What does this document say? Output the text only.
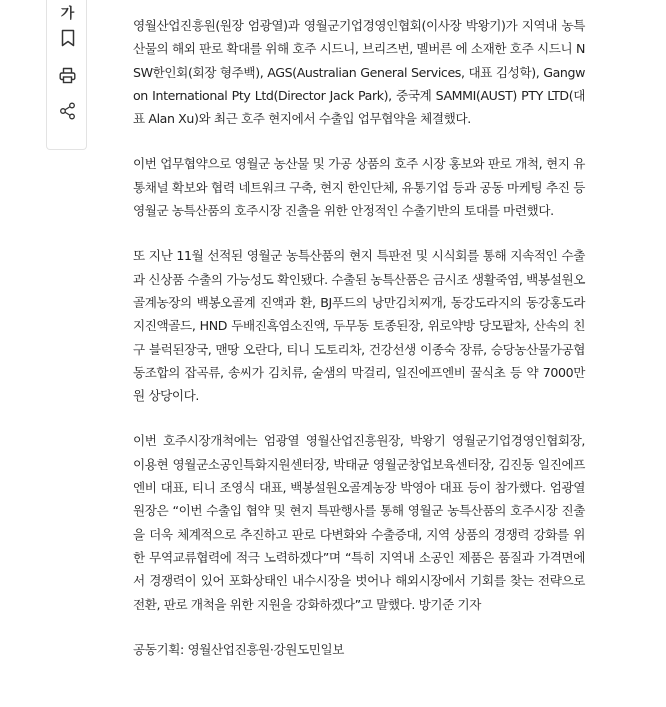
가

영월산업진흥원(원장 엄광열)과 영월군기업경영인협회(이사장 박왕기)가 지역내 농특산물의 해외 판로 확대를 위해 호주 시드니, 브리즈번, 멜버른 에 소재한 호주 시드니 NSW한인회(회장 형주백), AGS(Australian General Services, 대표 김성학), Gangwon International Pty Ltd(Director Jack Park), 중국계 SAMMI(AUST) PTY LTD(대표 Alan Xu)와 최근 호주 현지에서 수출입 업무협약을 체결했다.

이번 업무협약으로 영월군 농산물 및 가공 상품의 호주 시장 홍보와 판로 개척, 현지 유통채널 확보와 협력 네트워크 구축, 현지 한인단체, 유통기업 등과 공동 마케팅 추진 등 영월군 농특산품의 호주시장 진출을 위한 안정적인 수출기반의 토대를 마련했다.

또 지난 11월 선적된 영월군 농특산품의 현지 특판전 및 시식회를 통해 지속적인 수출과 신상품 수출의 가능성도 확인됐다. 수출된 농특산품은 금시조 생활죽염, 백봉설원오골계농장의 백봉오골계 진액과 환, BJ푸드의 낭만김치찌개, 동강도라지의 동강홍도라지진액골드, HND 두배진흑염소진액, 두무동 토종된장, 위로약방 당모팥차, 산속의 친구 블럭된장국, 맨땅 오란다, 티니 도토리차, 건강선생 이종숙 장류, 승당농산물가공협동조합의 잡곡류, 송씨가 김치류, 술샘의 막걸리, 일진에프엔비 꿀식초 등 약 7000만원 상당이다.

이번 호주시장개척에는 엄광열 영월산업진흥원장, 박왕기 영월군기업경영인협회장, 이용현 영월군소공인특화지원센터장, 박태균 영월군창업보육센터장, 김진동 일진에프엔비 대표, 티니 조영식 대표, 백봉설원오골계농장 박영아 대표 등이 참가했다. 엄광열 원장은 “이번 수출입 협약 및 현지 특판행사를 통해 영월군 농특산품의 호주시장 진출을 더욱 체계적으로 추진하고 판로 다변화와 수출증대, 지역 상품의 경쟁력 강화를 위한 무역교류협력에 적극 노력하겠다”며 “특히 지역내 소공인 제품은 품질과 가격면에서 경쟁력이 있어 포화상태인 내수시장을 벗어나 해외시장에서 기회를 찾는 전략으로 전환, 판로 개척을 위한 지원을 강화하겠다”고 말했다. 방기준 기자

공동기획: 영월산업진흥원·강원도민일보
